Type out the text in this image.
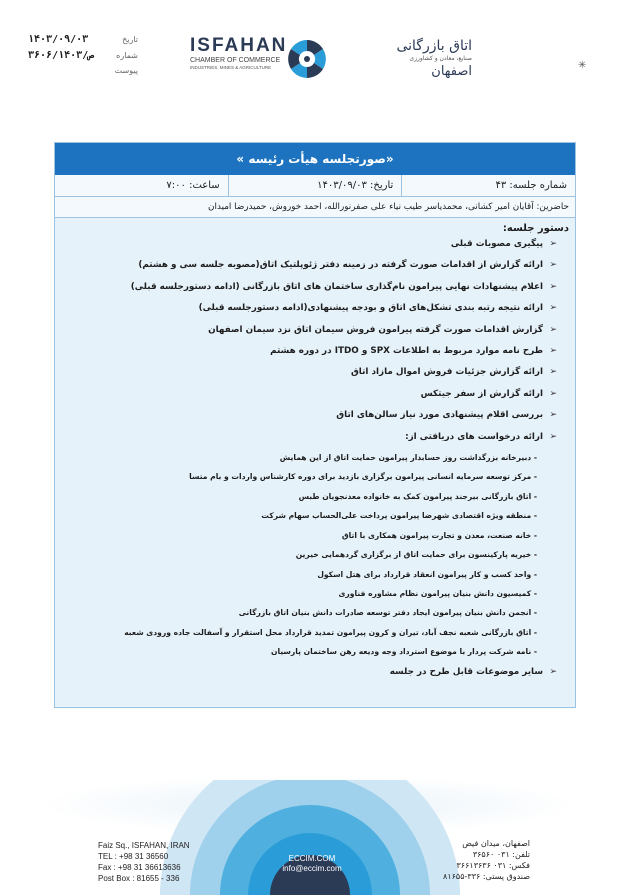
تاریخ
۱۴۰۳/۰۹/۰۳
شماره
۳۶۰۶/ص/۱۴۰۳
پیوست
ISFAHAN
CHAMBER OF COMMERCE
INDUSTRIES, MINES & AGRICULTURE
اتاق بازرگانی
صنایع، معادن و کشاورزی
اصفهان	✳
«صورتجلسه هیأت رئیسه »
شماره جلسه: ۴۳
تاریخ: ۱۴۰۳/۰۹/۰۳
ساعت: ۷:۰۰
حاضرین: آقایان امیر کشانی، محمدیاسر طیب نیاء علی صفرنورالله، احمد خوروش، حمیدرضا امیدان
دستور جلسه:
➢
پیگیری مصوبات قبلی
➢
ارائه گزارش از اقدامات صورت گرفته در زمینه دفتر ژئوپلتیک اتاق(مصوبه جلسه سی و هشتم)
➢
اعلام پیشنهادات نهایی پیرامون نام‌گذاری ساختمان های اتاق بازرگانی (ادامه دستورجلسه قبلی)
➢
ارائه نتیجه رتبه بندی تشکل‌های اتاق و بودجه پیشنهادی(ادامه دستورجلسه قبلی)
➢
گزارش اقدامات صورت گرفته پیرامون فروش سیمان اتاق نزد سیمان اصفهان
➢
طرح نامه موارد مربوط به اطلاعات SPX و ITDO در دوره هشتم
➢
ارائه گزارش جزئیات فروش اموال مازاد اتاق
➢
ارائه گزارش از سفر جیتکس
➢
بررسی اقلام پیشنهادی مورد نیاز سالن‌های اتاق
➢
ارائه درخواست های دریافتی از:
- دبیرخانه بزرگداشت روز حسابدار پیرامون حمایت اتاق از این همایش
- مرکز توسعه سرمایه انسانی پیرامون برگزاری بازدید برای دوره کارشناس واردات و بام متسا
- اتاق بازرگانی بیرجند پیرامون کمک به خانواده معدنجویان طبس
- منطقه ویژه اقتصادی شهرضا پیرامون پرداخت علی‌الحساب سهام شرکت
- خانه صنعت، معدن و تجارت پیرامون همکاری با اتاق
- خیریه پارکینسون برای حمایت اتاق از برگزاری گردهمایی خیرین
- واحد کسب و کار پیرامون انعقاد قرارداد برای هتل اسکول
- کمیسیون دانش بنیان پیرامون نظام مشاوره فناوری
- انجمن دانش بنیان پیرامون ایجاد دفتر توسعه صادرات دانش بنیان اتاق بازرگانی
- اتاق بازرگانی شعبه نجف آباد، تیران و کرون پیرامون تمدید قرارداد محل استقرار و آسفالت جاده ورودی شعبه
- نامه شرکت پردار با موضوع استرداد وجه ودیعه رهن ساختمان پارسیان
➢
سایر موضوعات قابل طرح در جلسه
Faiz Sq., ISFAHAN, IRAN
TEL : +98 31 36560
Fax : +98 31 36613636
Post Box : 81655 - 336
ECCIM.COM
info@eccim.com
اصفهان، میدان فیض
تلفن: ۰۳۱ ۳۶۵۶۰
فکس: ۰۳۱ ۳۶۶۱۳۶۳۶
صندوق پستی: ۳۳۶-۸۱۶۵۵
